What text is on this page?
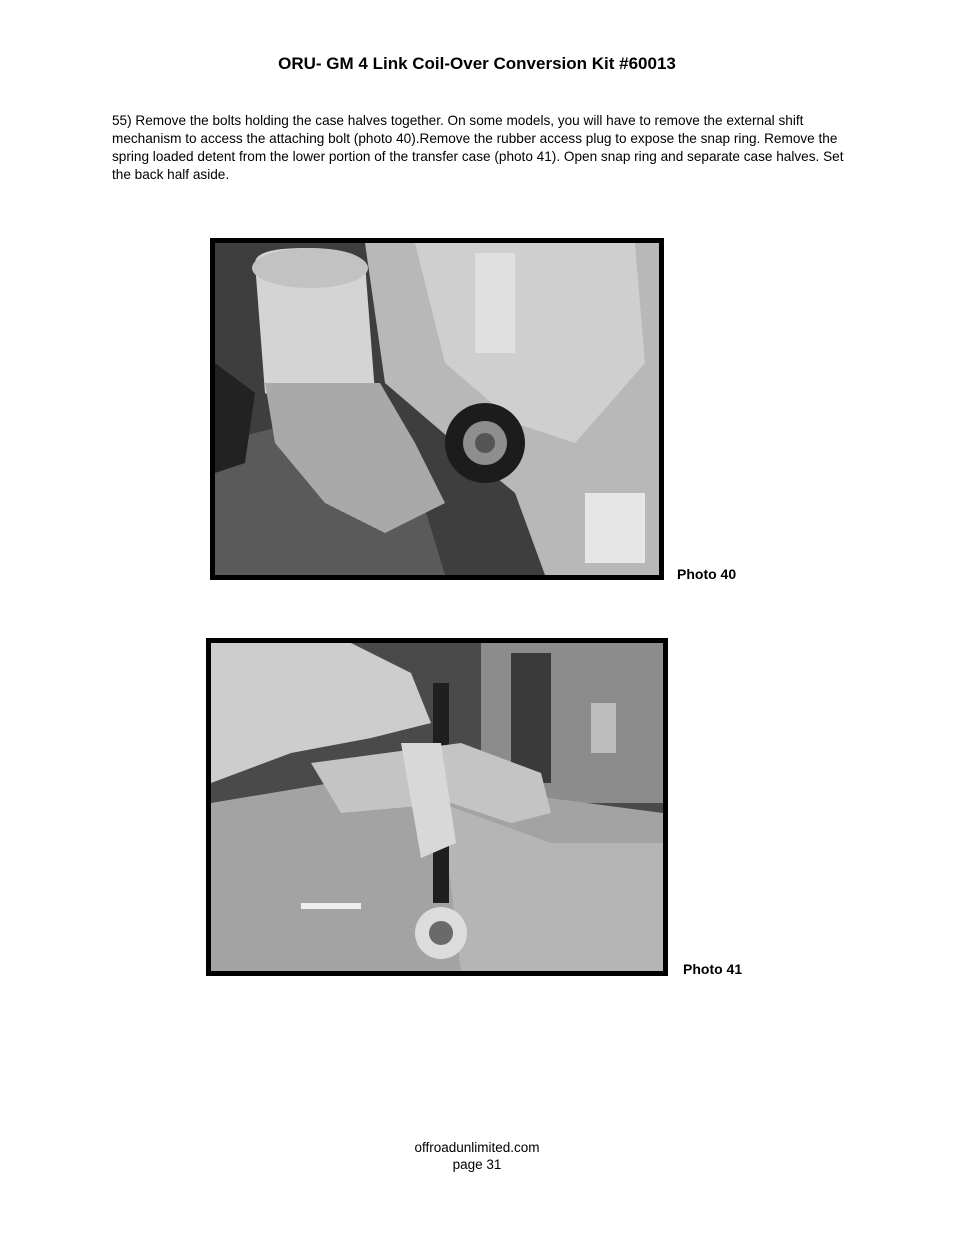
ORU- GM 4 Link Coil-Over Conversion Kit #60013

55) Remove the bolts holding the case halves together. On some models, you will have to remove the external shift mechanism to access the attaching bolt (photo 40).Remove the rubber access plug to expose the snap ring. Remove the spring loaded detent from the lower portion of the transfer case (photo 41). Open snap ring and separate case halves. Set the back half aside.

Photo 40
Photo 41
offroadunlimited.com
page 31
